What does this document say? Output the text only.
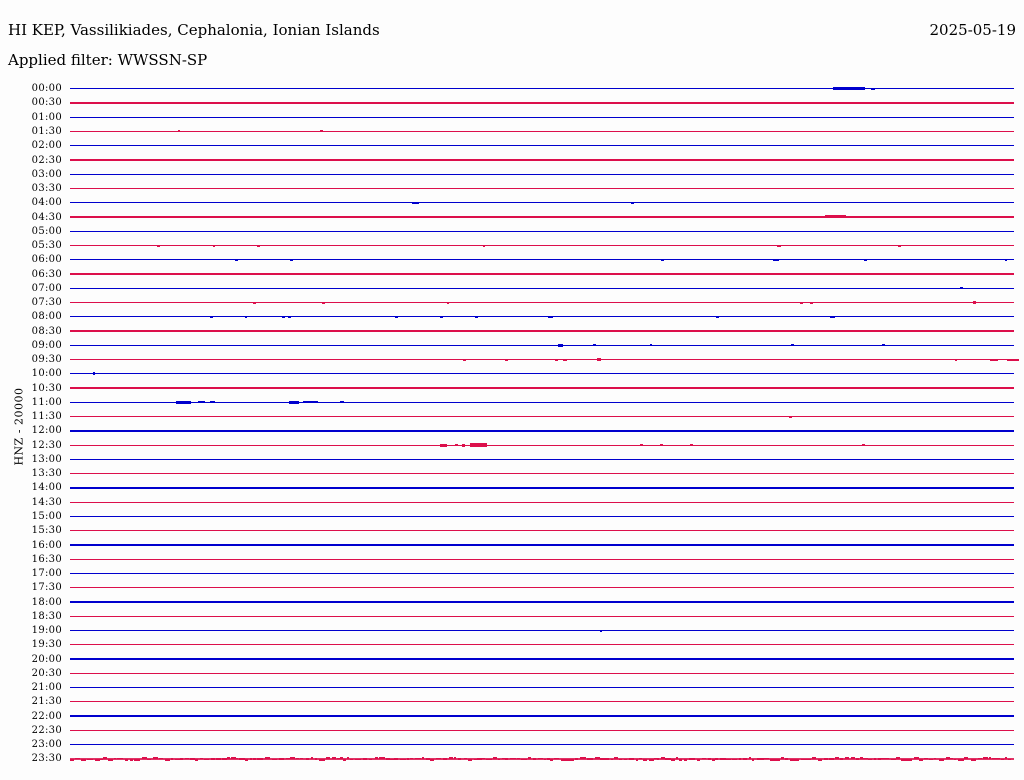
HI KEP, Vassilikiades, Cephalonia, Ionian Islands	2025-05-19
Applied filter: WWSSN-SP
HNZ - 20000
00:00
00:30
01:00
01:30
02:00
02:30
03:00
03:30
04:00
04:30
05:00
05:30
06:00
06:30
07:00
07:30
08:00
08:30
09:00
09:30
10:00
10:30
11:00
11:30
12:00
12:30
13:00
13:30
14:00
14:30
15:00
15:30
16:00
16:30
17:00
17:30
18:00
18:30
19:00
19:30
20:00
20:30
21:00
21:30
22:00
22:30
23:00
23:30
